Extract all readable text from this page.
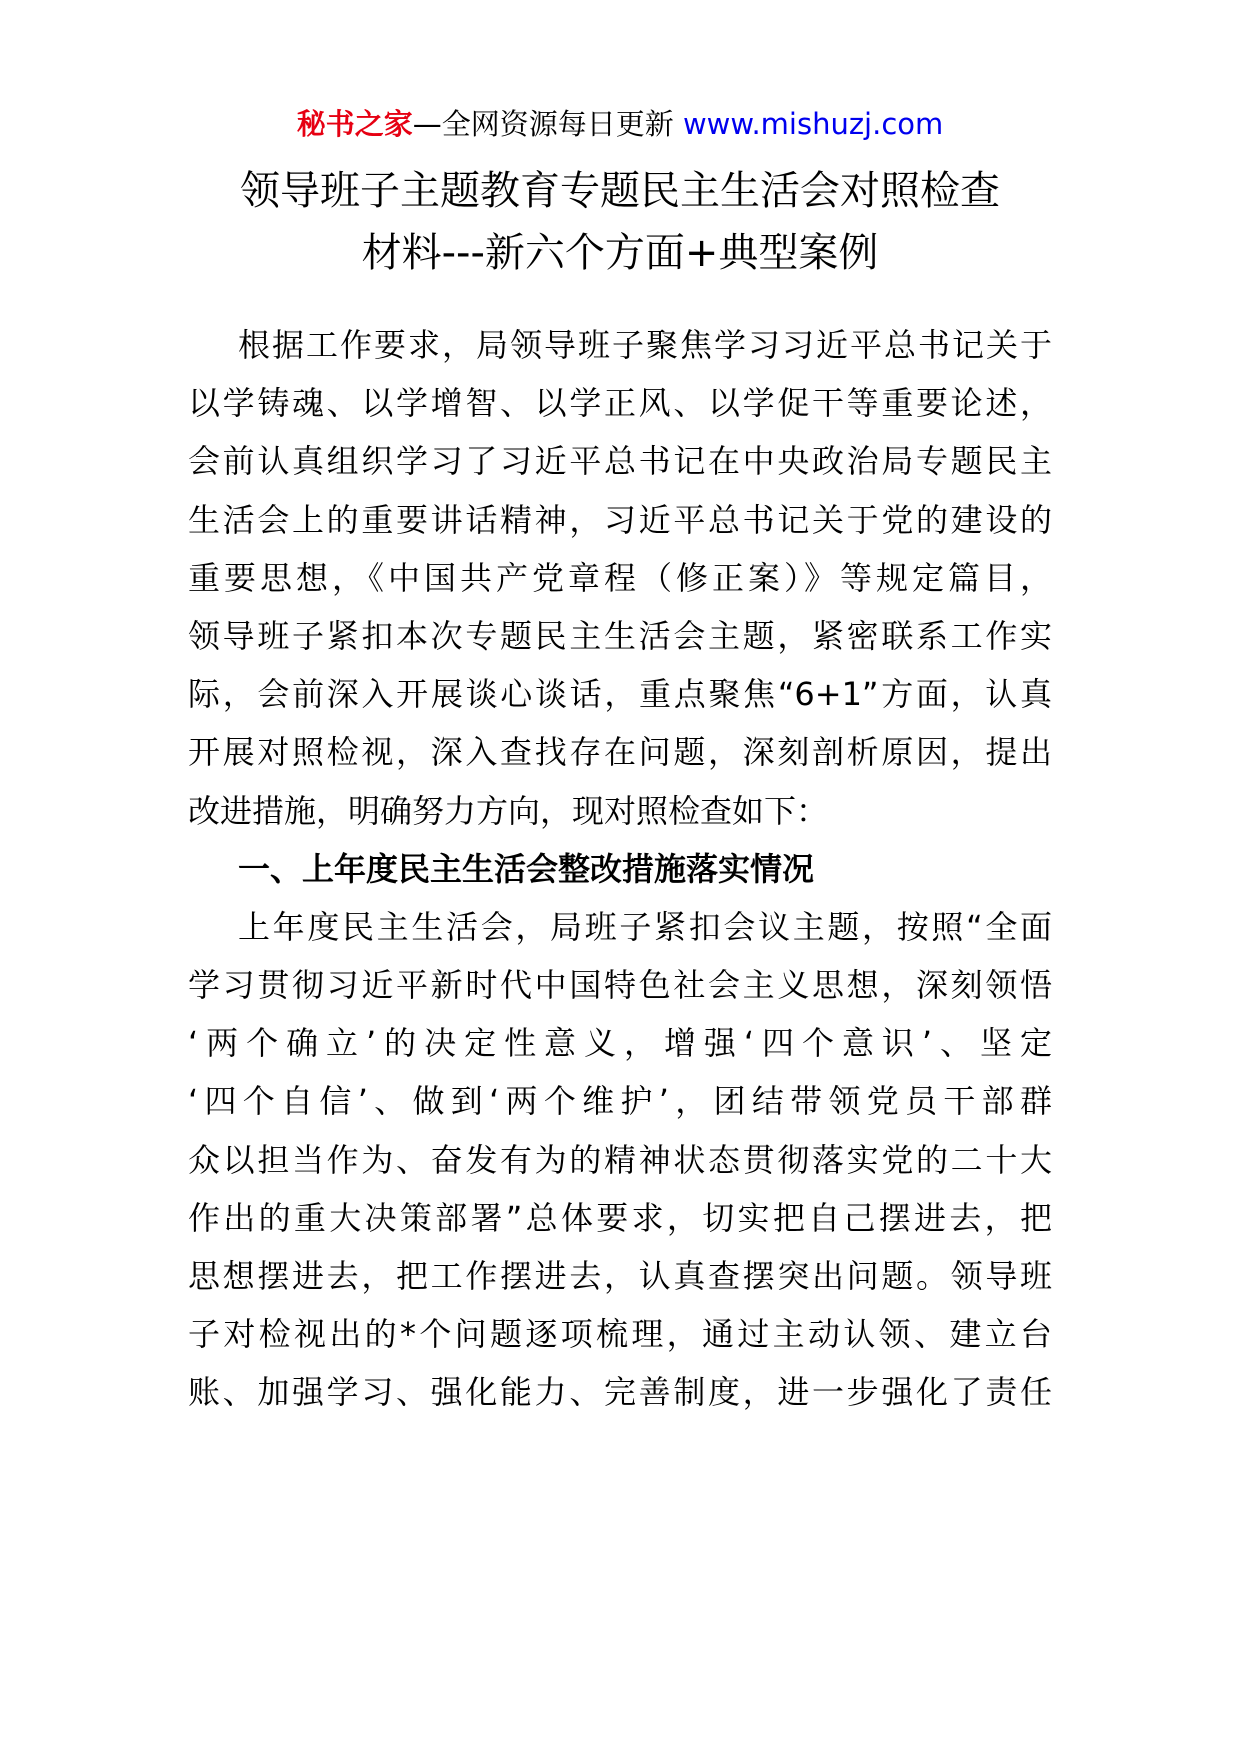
秘书之家—全网资源每日更新 www.mishuzj.com
领导班子主题教育专题民主生活会对照检查
材料---新六个方面+典型案例
根据工作要求，局领导班子聚焦学习习近平总书记关于
以学铸魂、以学增智、以学正风、以学促干等重要论述，
会前认真组织学习了习近平总书记在中央政治局专题民主
生活会上的重要讲话精神，习近平总书记关于党的建设的
重要思想，《中国共产党章程（修正案）》等规定篇目，
领导班子紧扣本次专题民主生活会主题，紧密联系工作实
际，会前深入开展谈心谈话，重点聚焦“6+1”方面，认真
开展对照检视，深入查找存在问题，深刻剖析原因，提出
改进措施，明确努力方向，现对照检查如下：
一、上年度民主生活会整改措施落实情况
上年度民主生活会，局班子紧扣会议主题，按照“全面
学习贯彻习近平新时代中国特色社会主义思想，深刻领悟
‘两个确立’的决定性意义，增强‘四个意识’、坚定
‘四个自信’、做到‘两个维护’，团结带领党员干部群
众以担当作为、奋发有为的精神状态贯彻落实党的二十大
作出的重大决策部署”总体要求，切实把自己摆进去，把
思想摆进去，把工作摆进去，认真查摆突出问题。领导班
子对检视出的*个问题逐项梳理，通过主动认领、建立台
账、加强学习、强化能力、完善制度，进一步强化了责任
